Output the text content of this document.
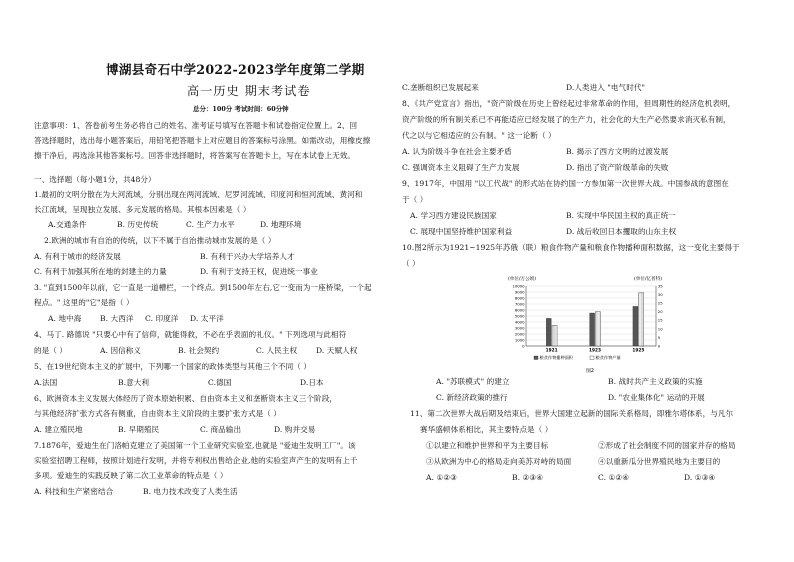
博湖县奇石中学2022-2023学年度第二学期
高一历史 期末考试卷
总分：100分 考试时间：60分钟
注意事项：1、答卷前考生务必将自己的姓名、准考证号填写在答题卡和试卷指定位置上。2、回
答选择题时，选出每小题答案后，用铅笔把答题卡上对应题目的答案标号涂黑。如需改动，用橡皮擦
擦干净后，再选涂其他答案标号。回答非选择题时，将答案写在答题卡上，写在本试卷上无效。
一、选择题（每小题1分，共48分）
1.最初的文明分散在为大河流域，分别出现在两河流域、尼罗河流域、印度河和恒河流域、黄河和
长江流域，呈现独立发展、多元发展的格局。其根本因素是（ ）
A.交通条件	B. 历史传统	C. 生产力水平	D. 地理环境
2.欧洲的城市有自治的传统，以下不属于自治推动城市发展的是（ ）
A. 有利于城市的经济发展	B. 有利于兴办大学培养人才
C. 有利于加强其所在地的封建主的力量	D. 有利于支持王权，促进统一事业
3. "直到1500年以前，它一直是一道槽栏，一个终点。到1500年左右,它一变而为一座桥梁，一个起
程点。" 这里的"它"是指（ ）
A. 地中海 B. 大西洋 C. 印度洋 D. 太平洋
4、马丁. 路德说 "只要心中有了信仰，就能得救，不必在乎表面的礼仪。" 下列选项与此相符
的是（ ）	A. 因信称义	B. 社会契约	C. 人民主权 D. 天赋人权
5、在19世纪资本主义的扩展中，下列哪一个国家的政体类型与其他三个不同（ ）
A.法国	B.意大利	C.德国	D.日本
6、欧洲资本主义发展大体经历了资本原始积累、自由资本主义和垄断资本主义三个阶段，
与其他经济扩张方式各有侧重，自由资本主义阶段的主要扩张方式是（ ）
A. 建立殖民地	B. 早期殖民	C. 商品输出	D. 购并交易
7.1876年，爱迪生在门洛帕克建立了美国第一个工业研究实验室,也就是 "爱迪生发明工厂"。该
实验室招聘工程师，按照计划进行发明，并将专利权出售给企业,他的实验室声产生的发明有上千
多项。爱迪生的实践反映了第二次工业革命的特点是（ ）
A. 科技和生产紧密结合	B. 电力技术改变了人类生活
C.垄断组织已发展起来	D.人类进入 "电气时代"
8、《共产党宣言》指出，"资产阶级在历史上曾经起过非常革命的作用，但周期性的经济危机表明，
资产阶级的所有制关系已不再能适应已经发展了的生产力，社会化的大生产必然要求消灭私有制，
代之以与它相适应的公有制。" 这一论断（ ）
A. 认为阶级斗争在社会主要矛盾	B. 揭示了西方文明的过渡发展
C. 强调资本主义阻碍了生产力发展	D. 指出了资产阶级革命的失败
9、1917年，中国用 "以工代战" 的形式站在协约国一方参加第一次世界大战。中国参战的意图在
于（ ）
A. 学习西方建设民族国家	B. 实现中华民国主权的真正统一
C. 展现中国坚持维护国家利益	D. 战后收回日本攫取的山东主权
10.图2所示为1921~1925年苏俄（联）粮食作物产量和粮食作物播种面积数据，这一变化主要得于
（ ）
(单位/万公顷)	(单位/亿普特)
10000
9000
8000
7000
6000
5000
4000
3000
2000
1000
0
35
30
25
20
15
10
5
0
1921	1923	1925
粮食作物播种面积	粮食作物产量
图2
A. "苏联模式" 的建立	B. 战时共产主义政策的实施
C. 新经济政策的推行	D. "农业集体化" 运动的开展
11、第二次世界大战后期及结束后，世界大国建立起新的国际关系格局，即雅尔塔体系，与凡尔
赛华盛顿体系相比，其主要特点是（ ）
①以建立和维护世界和平为主要目标	②形成了社会制度不同的国家并存的格局
③从欧洲为中心的格局走向美苏对峙的局面	④以重新瓜分世界殖民地为主要目的
A. ①②③	B. ②③④	C. ①②④	D. ①③④
